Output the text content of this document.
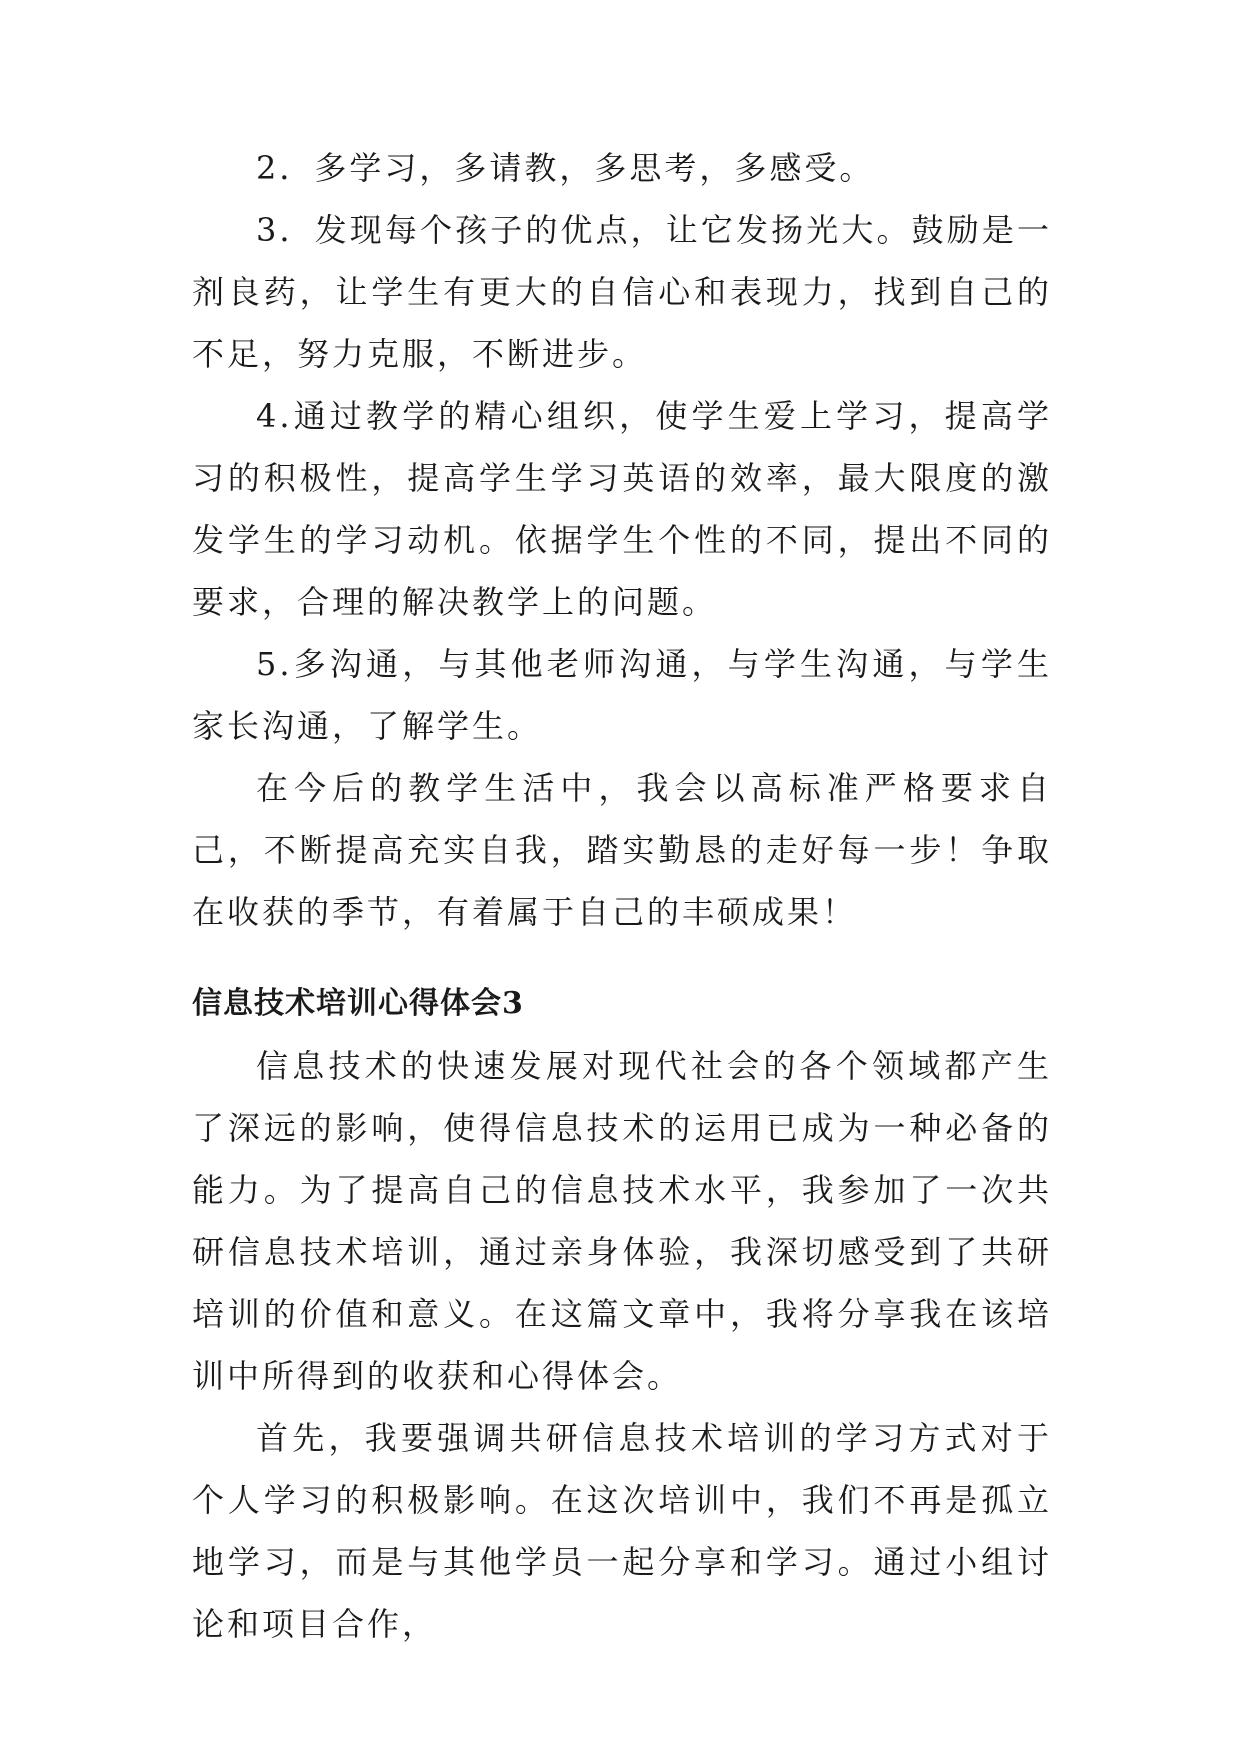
2．多学习，多请教，多思考，多感受。

3．发现每个孩子的优点，让它发扬光大。鼓励是一剂良药，让学生有更大的自信心和表现力，找到自己的不足，努力克服，不断进步。

4.通过教学的精心组织，使学生爱上学习，提高学习的积极性，提高学生学习英语的效率，最大限度的激发学生的学习动机。依据学生个性的不同，提出不同的要求，合理的解决教学上的问题。

5.多沟通，与其他老师沟通，与学生沟通，与学生家长沟通，了解学生。

在今后的教学生活中，我会以高标准严格要求自己，不断提高充实自我，踏实勤恳的走好每一步！争取在收获的季节，有着属于自己的丰硕成果！

信息技术培训心得体会3

信息技术的快速发展对现代社会的各个领域都产生了深远的影响，使得信息技术的运用已成为一种必备的能力。为了提高自己的信息技术水平，我参加了一次共研信息技术培训，通过亲身体验，我深切感受到了共研培训的价值和意义。在这篇文章中，我将分享我在该培训中所得到的收获和心得体会。

首先，我要强调共研信息技术培训的学习方式对于个人学习的积极影响。在这次培训中，我们不再是孤立地学习，而是与其他学员一起分享和学习。通过小组讨论和项目合作，
